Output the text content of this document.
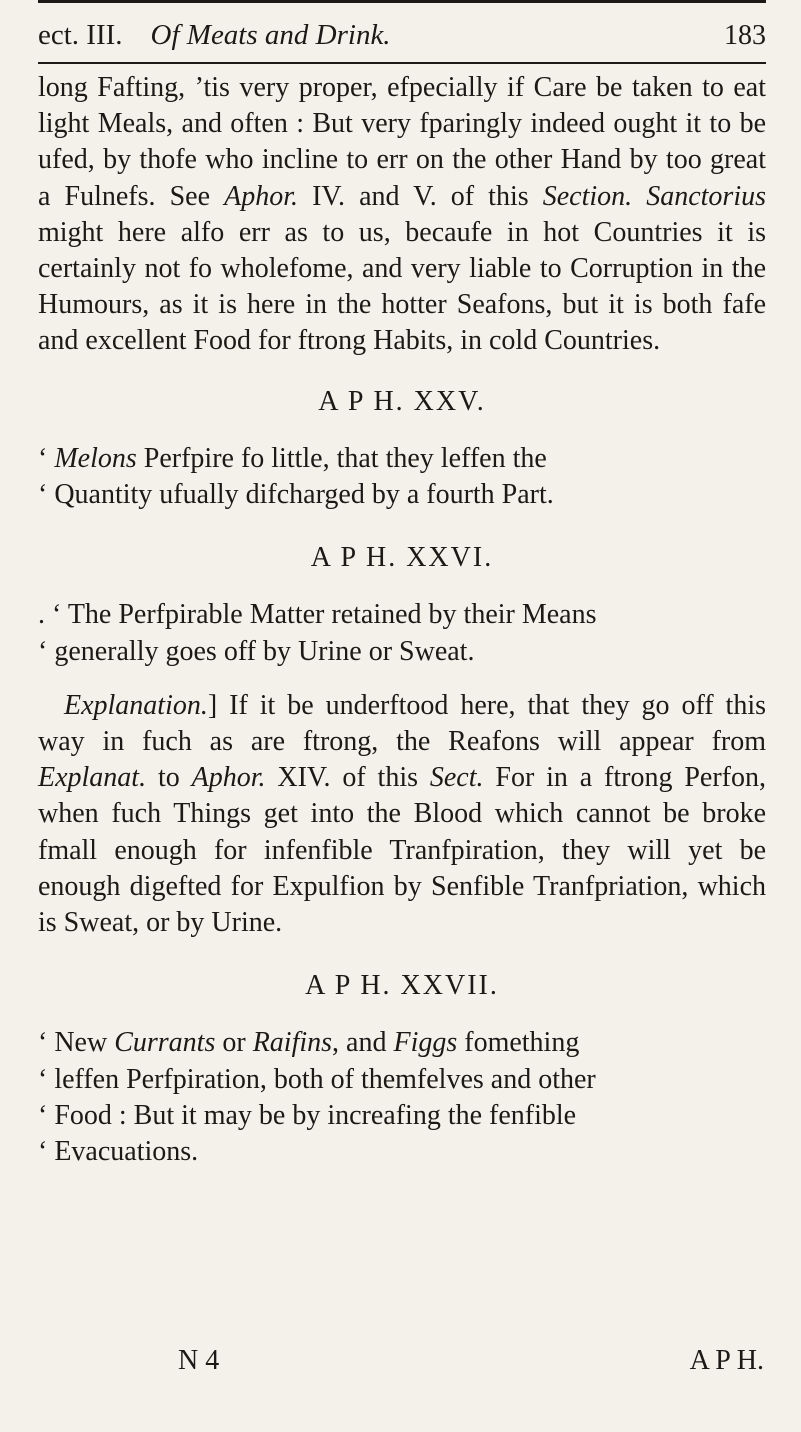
ect. III. Of Meats and Drink.	183

long Fafting, ’tis very proper, efpecially if Care be taken to eat light Meals, and often : But very fparingly indeed ought it to be ufed, by thofe who incline to err on the other Hand by too great a Fulnefs. See Aphor. IV. and V. of this Section. Sanctorius might here alfo err as to us, becaufe in hot Countries it is certainly not fo wholefome, and very liable to Corruption in the Humours, as it is here in the hotter Seafons, but it is both fafe and excellent Food for ftrong Habits, in cold Countries.

A P H. XXV.

‘ Melons Perfpire fo little, that they leffen the

‘ Quantity ufually difcharged by a fourth Part.

A P H. XXVI.

. ‘ The Perfpirable Matter retained by their Means

‘ generally goes off by Urine or Sweat.

Explanation.] If it be underftood here, that they go off this way in fuch as are ftrong, the Reafons will appear from Explanat. to Aphor. XIV. of this Sect. For in a ftrong Perfon, when fuch Things get into the Blood which cannot be broke fmall enough for infenfible Tranfpiration, they will yet be enough digefted for Expulfion by Senfible Tranfpriation, which is Sweat, or by Urine.

A P H. XXVII.

‘ New Currants or Raifins, and Figgs fomething

‘ leffen Perfpiration, both of themfelves and other

‘ Food : But it may be by increafing the fenfible

‘ Evacuations.

N 4	A P H.
